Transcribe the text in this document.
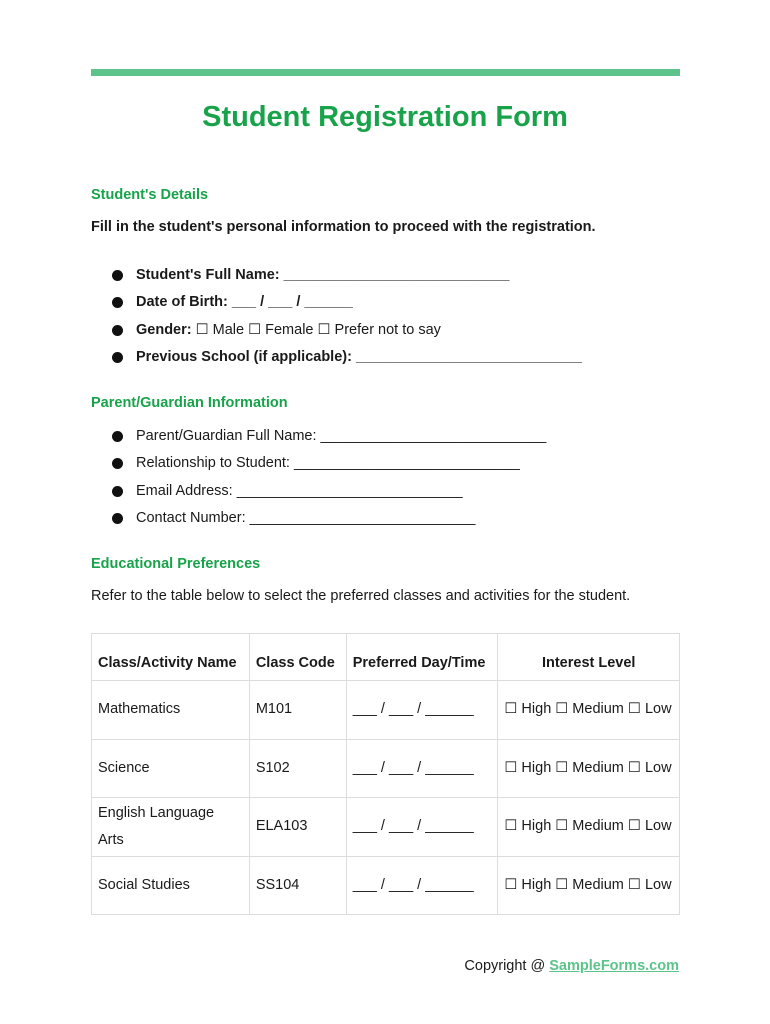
Student Registration Form
Student's Details
Fill in the student's personal information to proceed with the registration.
Student's Full Name: ____________________________
Date of Birth: ___ / ___ / ______
Gender: ☐ Male ☐ Female ☐ Prefer not to say
Previous School (if applicable): ____________________________
Parent/Guardian Information
Parent/Guardian Full Name: ____________________________
Relationship to Student: ____________________________
Email Address: ____________________________
Contact Number: ____________________________
Educational Preferences
Refer to the table below to select the preferred classes and activities for the student.
Class/Activity Name	Class Code	Preferred Day/Time	Interest Level
Mathematics	M101	___ / ___ / ______	☐ High ☐ Medium ☐ Low
Science	S102	___ / ___ / ______	☐ High ☐ Medium ☐ Low
English Language Arts	ELA103	___ / ___ / ______	☐ High ☐ Medium ☐ Low
Social Studies	SS104	___ / ___ / ______	☐ High ☐ Medium ☐ Low
Copyright @ SampleForms.com
